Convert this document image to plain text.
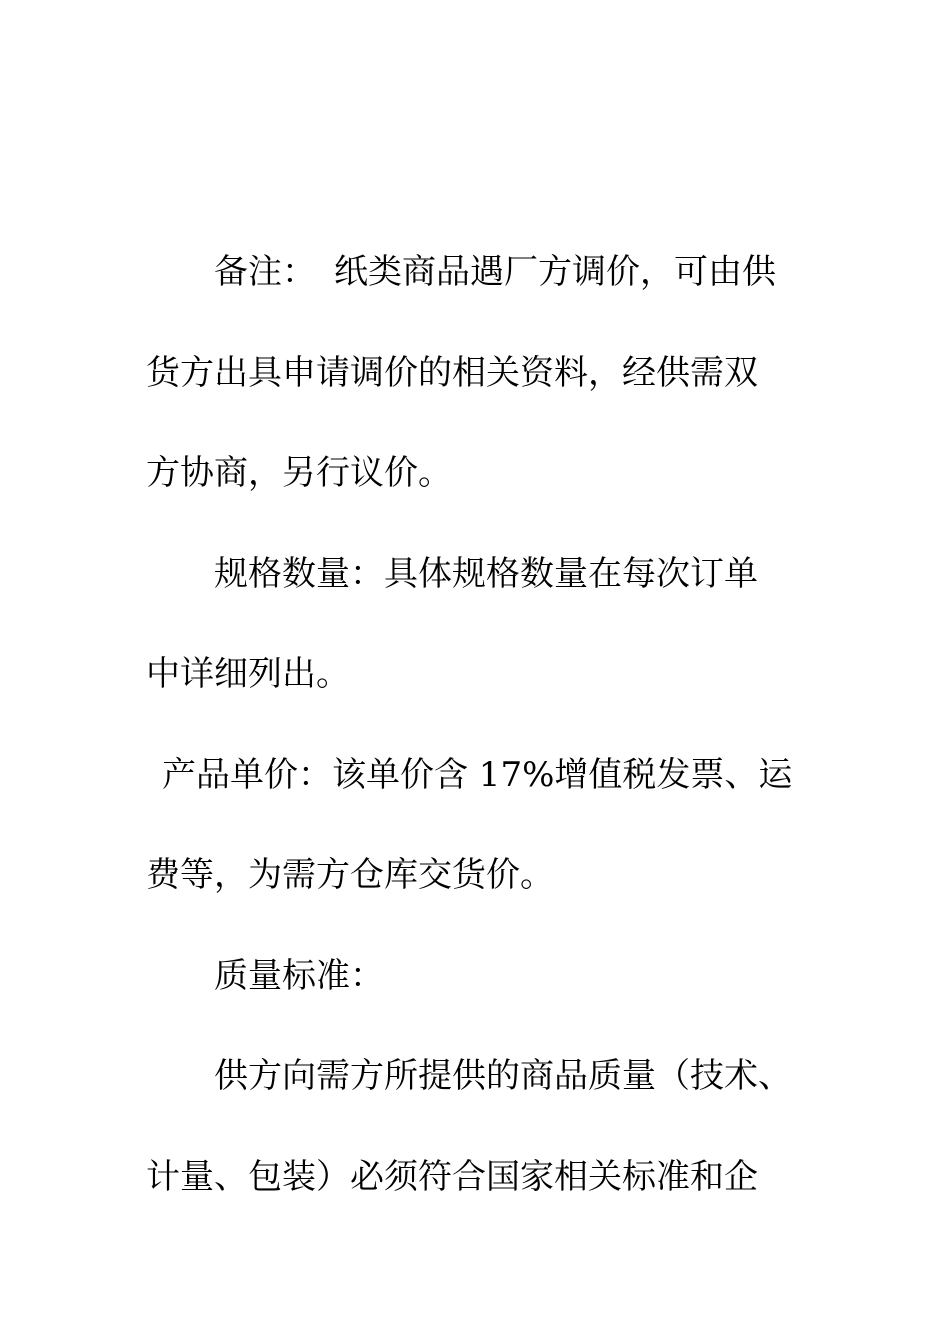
备注： 纸类商品遇厂方调价，可由供
货方出具申请调价的相关资料，经供需双
方协商，另行议价。
规格数量：具体规格数量在每次订单
中详细列出。
产品单价：该单价含 17%增值税发票、运
费等，为需方仓库交货价。
质量标准：
供方向需方所提供的商品质量（技术、
计量、包装）必须符合国家相关标准和企
